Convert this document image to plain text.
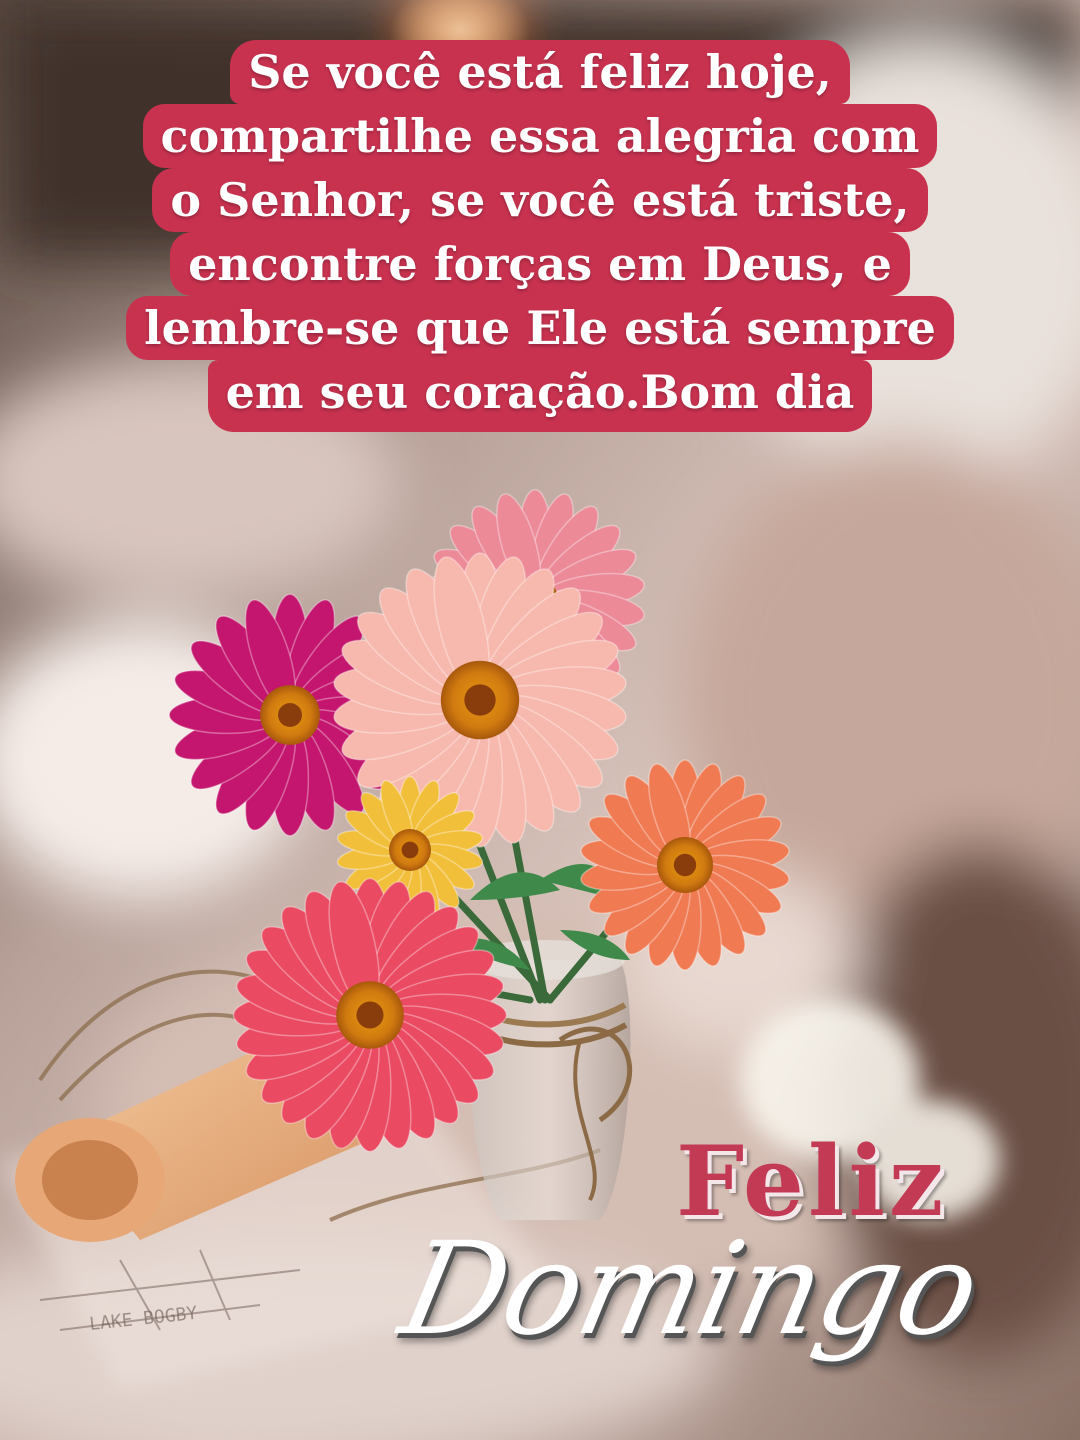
LAKE BOGBY
Se você está feliz hoje,
compartilhe essa alegria com
o Senhor, se você está triste,
encontre forças em Deus, e
lembre-se que Ele está sempre
em seu coração.Bom dia
Feliz
Domingo
